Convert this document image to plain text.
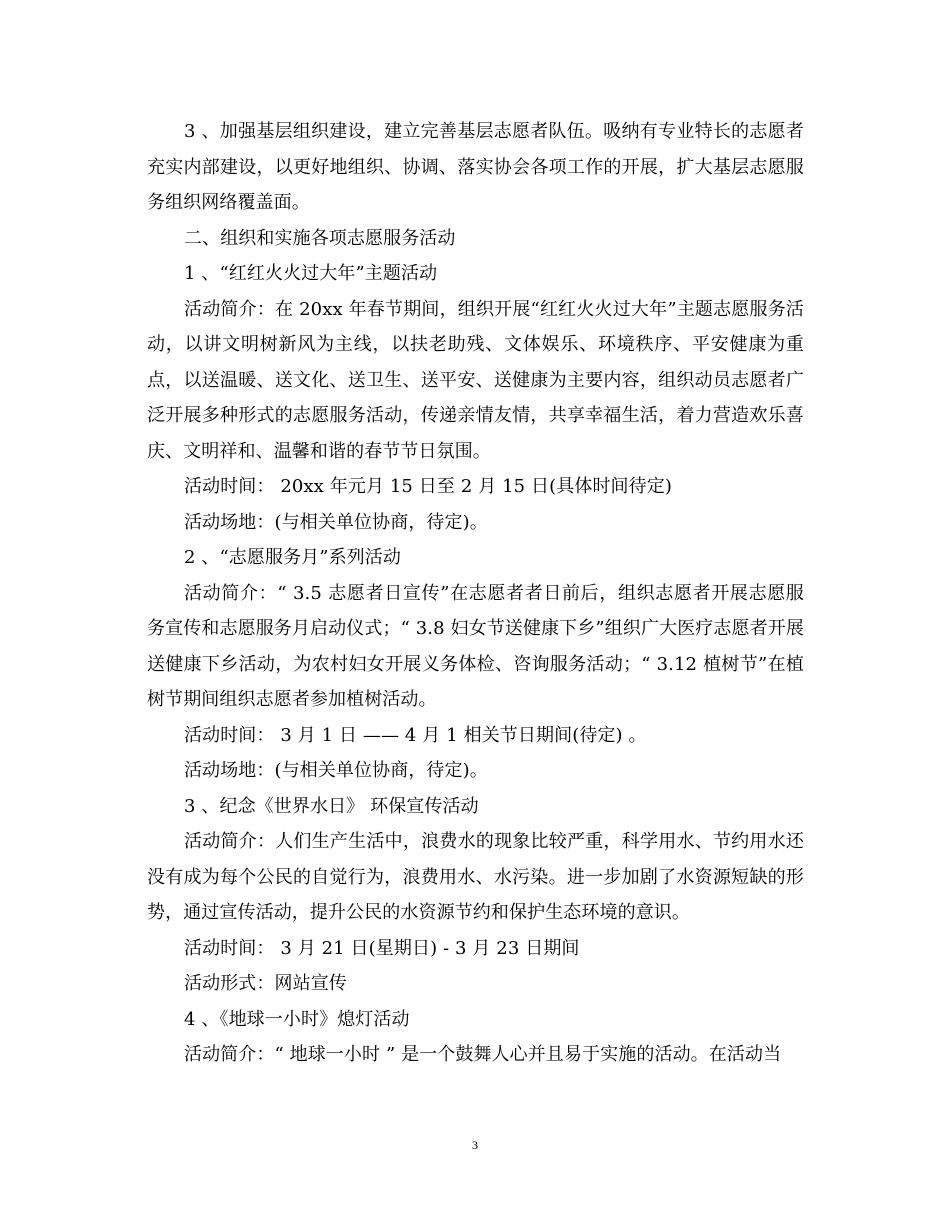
3 、加强基层组织建设，建立完善基层志愿者队伍。吸纳有专业特长的志愿者充实内部建设，以更好地组织、协调、落实协会各项工作的开展，扩大基层志愿服务组织网络覆盖面。

二、组织和实施各项志愿服务活动

1 、“红红火火过大年”主题活动

活动简介：在 20xx 年春节期间，组织开展“红红火火过大年”主题志愿服务活动，以讲文明树新风为主线，以扶老助残、文体娱乐、环境秩序、平安健康为重点，以送温暖、送文化、送卫生、送平安、送健康为主要内容，组织动员志愿者广泛开展多种形式的志愿服务活动，传递亲情友情，共享幸福生活，着力营造欢乐喜庆、文明祥和、温馨和谐的春节节日氛围。

活动时间： 20xx 年元月 15 日至 2 月 15 日(具体时间待定)

活动场地：(与相关单位协商，待定)。

2 、“志愿服务月”系列活动

活动简介：“ 3.5 志愿者日宣传”在志愿者者日前后，组织志愿者开展志愿服务宣传和志愿服务月启动仪式；“ 3.8 妇女节送健康下乡”组织广大医疗志愿者开展送健康下乡活动，为农村妇女开展义务体检、咨询服务活动；“ 3.12 植树节”在植树节期间组织志愿者参加植树活动。

活动时间： 3 月 1 日 —— 4 月 1 相关节日期间(待定) 。

活动场地：(与相关单位协商，待定)。

3 、纪念《世界水日》 环保宣传活动

活动简介：人们生产生活中，浪费水的现象比较严重，科学用水、节约用水还没有成为每个公民的自觉行为，浪费用水、水污染。进一步加剧了水资源短缺的形势，通过宣传活动，提升公民的水资源节约和保护生态环境的意识。

活动时间： 3 月 21 日(星期日) - 3 月 23 日期间

活动形式：网站宣传

4 、《地球一小时》熄灯活动

活动简介：“ 地球一小时 ” 是一个鼓舞人心并且易于实施的活动。在活动当

3
